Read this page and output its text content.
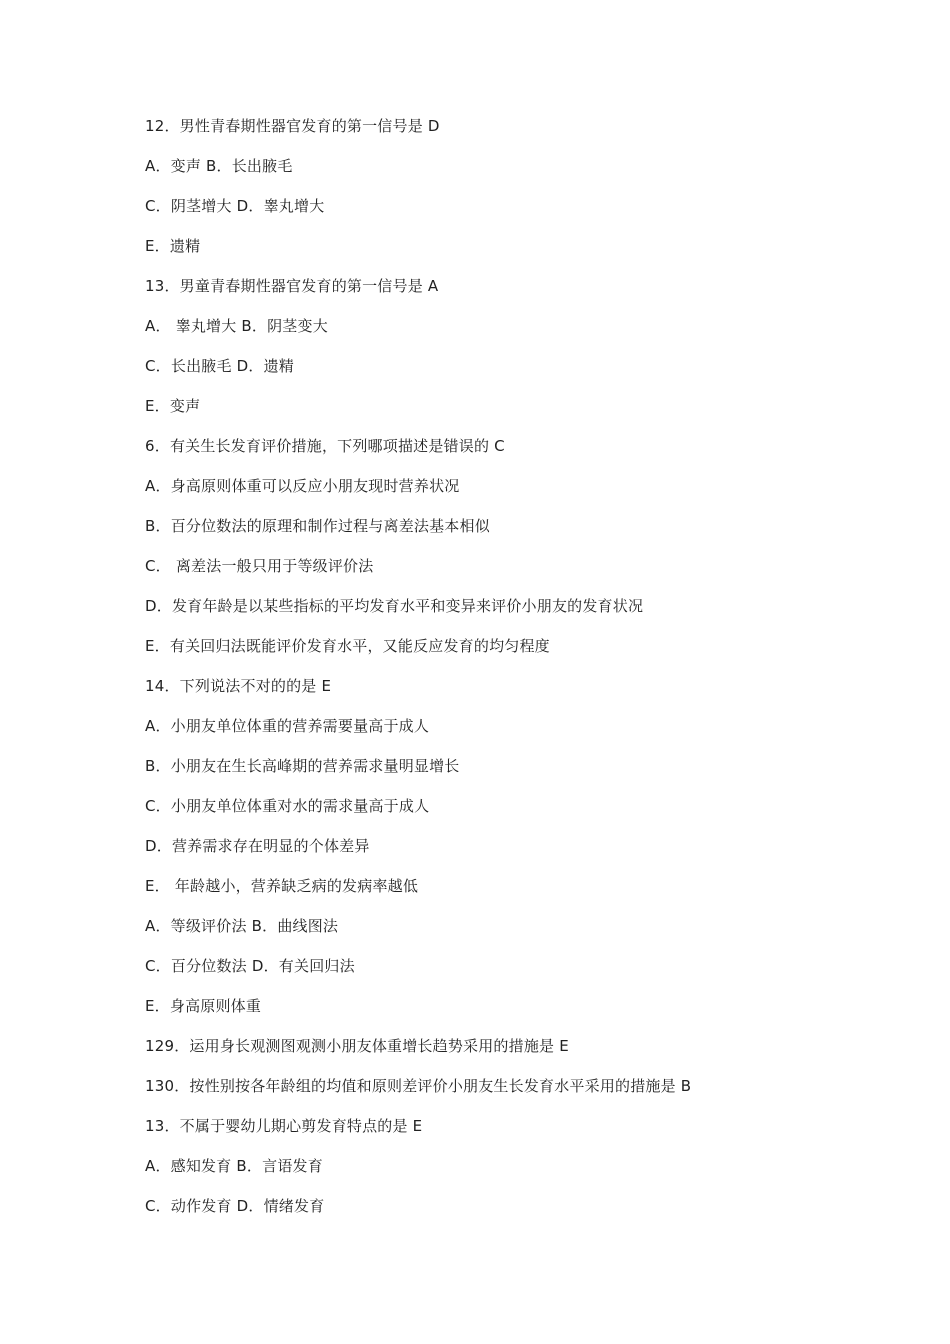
12．男性青春期性器官发育的第一信号是 D
A．变声 B．长出腋毛
C．阴茎增大 D．睾丸增大
E．遗精
13．男童青春期性器官发育的第一信号是 A
A． 睾丸增大 B．阴茎变大
C．长出腋毛 D．遗精
E．变声
6．有关生长发育评价措施，下列哪项描述是错误的 C
A．身高原则体重可以反应小朋友现时营养状况
B．百分位数法的原理和制作过程与离差法基本相似
C． 离差法一般只用于等级评价法
D．发育年龄是以某些指标的平均发育水平和变异来评价小朋友的发育状况
E．有关回归法既能评价发育水平，又能反应发育的均匀程度
14．下列说法不对的的是 E
A．小朋友单位体重的营养需要量高于成人
B．小朋友在生长高峰期的营养需求量明显增长
C．小朋友单位体重对水的需求量高于成人
D．营养需求存在明显的个体差异
E． 年龄越小，营养缺乏病的发病率越低
A．等级评价法 B．曲线图法
C．百分位数法 D．有关回归法
E．身高原则体重
129．运用身长观测图观测小朋友体重增长趋势采用的措施是 E
130．按性别按各年龄组的均值和原则差评价小朋友生长发育水平采用的措施是 B
13．不属于婴幼儿期心剪发育特点的是 E
A．感知发育 B．言语发育
C．动作发育 D．情绪发育
